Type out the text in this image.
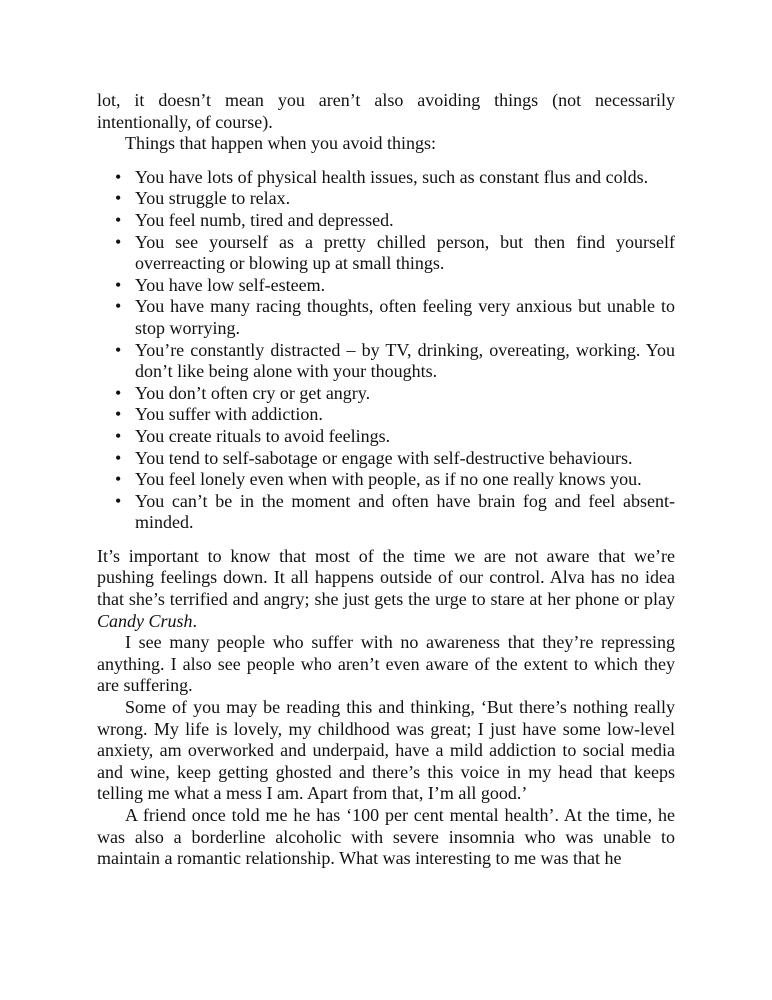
lot, it doesn’t mean you aren’t also avoiding things (not necessarily intentionally, of course).

Things that happen when you avoid things:

• You have lots of physical health issues, such as constant flus and colds.
• You struggle to relax.
• You feel numb, tired and depressed.
• You see yourself as a pretty chilled person, but then find yourself overreacting or blowing up at small things.
• You have low self-esteem.
• You have many racing thoughts, often feeling very anxious but unable to stop worrying.
• You’re constantly distracted – by TV, drinking, overeating, working. You don’t like being alone with your thoughts.
• You don’t often cry or get angry.
• You suffer with addiction.
• You create rituals to avoid feelings.
• You tend to self-sabotage or engage with self-destructive behaviours.
• You feel lonely even when with people, as if no one really knows you.
• You can’t be in the moment and often have brain fog and feel absent-minded.

It’s important to know that most of the time we are not aware that we’re pushing feelings down. It all happens outside of our control. Alva has no idea that she’s terrified and angry; she just gets the urge to stare at her phone or play Candy Crush.

I see many people who suffer with no awareness that they’re repressing anything. I also see people who aren’t even aware of the extent to which they are suffering.

Some of you may be reading this and thinking, ‘But there’s nothing really wrong. My life is lovely, my childhood was great; I just have some low-level anxiety, am overworked and underpaid, have a mild addiction to social media and wine, keep getting ghosted and there’s this voice in my head that keeps telling me what a mess I am. Apart from that, I’m all good.’

A friend once told me he has ‘100 per cent mental health’. At the time, he was also a borderline alcoholic with severe insomnia who was unable to maintain a romantic relationship. What was interesting to me was that he
